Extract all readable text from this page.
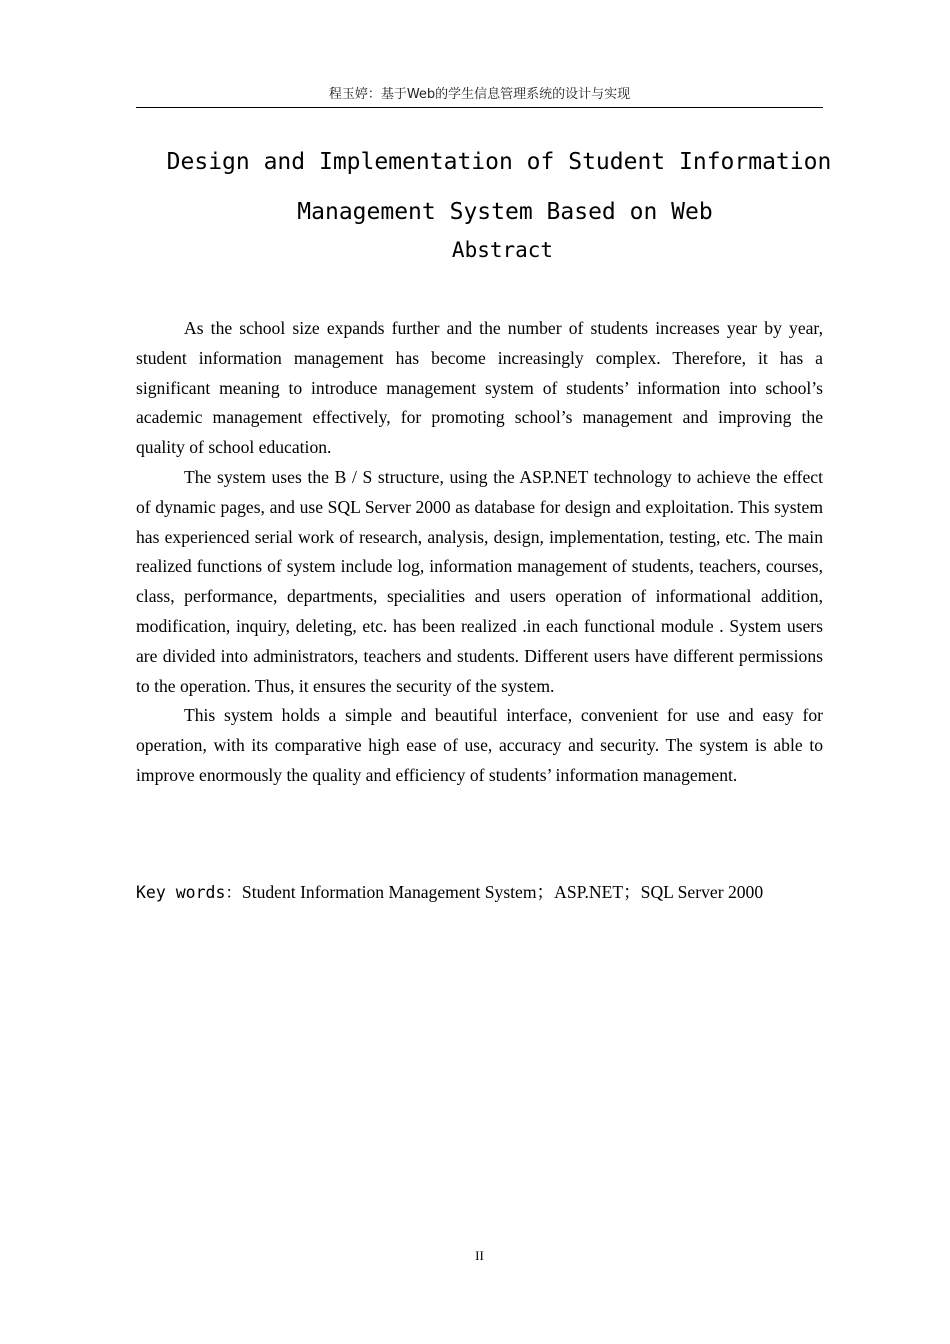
程玉婷：基于Web的学生信息管理系统的设计与实现
Design and Implementation of Student Information
Management System Based on Web
Abstract

As the school size expands further and the number of students increases year by year, student information management has become increasingly complex. Therefore, it has a significant meaning to introduce management system of students’ information into school’s academic management effectively, for promoting school’s management and improving the quality of school education.

The system uses the B / S structure, using the ASP.NET technology to achieve the effect of dynamic pages, and use SQL Server 2000 as database for design and exploitation. This system has experienced serial work of research, analysis, design, implementation, testing, etc. The main realized functions of system include log, information management of students, teachers, courses, class, performance, departments, specialities and users operation of informational addition, modification, inquiry, deleting, etc. has been realized .in each functional module . System users are divided into administrators, teachers and students. Different users have different permissions to the operation. Thus, it ensures the security of the system.

This system holds a simple and beautiful interface, convenient for use and easy for operation, with its comparative high ease of use, accuracy and security. The system is able to improve enormously the quality and efficiency of students’ information management.

Key words：Student Information Management System；ASP.NET；SQL Server 2000
II
